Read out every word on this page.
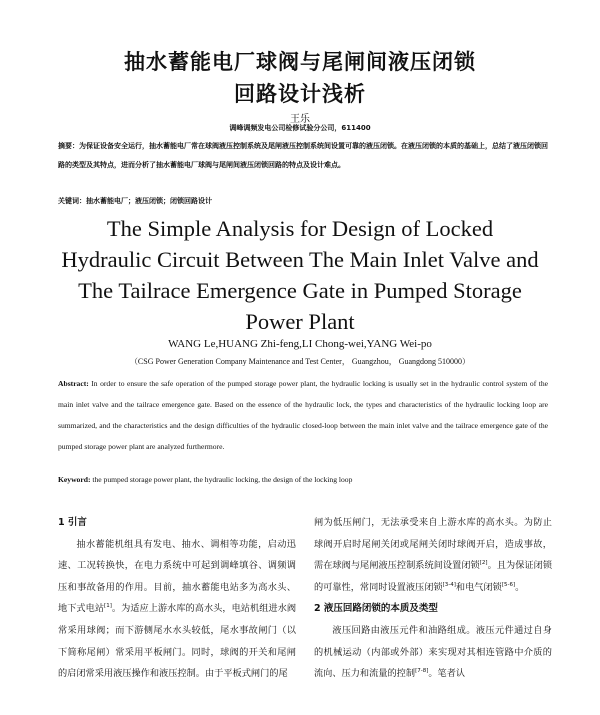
抽水蓄能电厂球阀与尾闸间液压闭锁
回路设计浅析
王乐
调峰调频发电公司检修试验分公司，611400
摘要：为保证设备安全运行，抽水蓄能电厂常在球阀液压控制系统及尾闸液压控制系统间设置可靠的液压闭锁。在液压闭锁的本质的基础上，总结了液压闭锁回路的类型及其特点，进而分析了抽水蓄能电厂球阀与尾闸间液压闭锁回路的特点及设计难点。
关键词：抽水蓄能电厂；液压闭锁；闭锁回路设计
The Simple Analysis for Design of Locked
Hydraulic Circuit Between The Main Inlet Valve and
The Tailrace Emergence Gate in Pumped Storage
Power Plant
WANG Le,HUANG Zhi-feng,LI Chong-wei,YANG Wei-po
（CSG Power Generation Company Maintenance and Test Center， Guangzhou， Guangdong 510000）
Abstract: In order to ensure the safe operation of the pumped storage power plant, the hydraulic locking is usually set in the hydraulic control system of the main inlet valve and the tailrace emergence gate. Based on the essence of the hydraulic lock, the types and characteristics of the hydraulic locking loop are summarized, and the characteristics and the design difficulties of the hydraulic closed-loop between the main inlet valve and the tailrace emergence gate of the pumped storage power plant are analyzed furthermore.
Keyword: the pumped storage power plant, the hydraulic locking, the design of the locking loop

1 引言

抽水蓄能机组具有发电、抽水、调相等功能，启动迅速、工况转换快，在电力系统中可起到调峰填谷、调频调压和事故备用的作用。目前，抽水蓄能电站多为高水头、地下式电站[1]。为适应上游水库的高水头，电站机组进水阀常采用球阀；而下游侧尾水水头较低，尾水事故闸门（以下简称尾闸）常采用平板闸门。同时，球阀的开关和尾闸的启闭常采用液压操作和液压控制。由于平板式闸门的尾

闸为低压闸门，无法承受来自上游水库的高水头。为防止球阀开启时尾闸关闭或尾闸关闭时球阀开启，造成事故，需在球阀与尾闸液压控制系统间设置闭锁[2]。且为保证闭锁的可靠性，常同时设置液压闭锁[3-4]和电气闭锁[5-6]。

2 液压回路闭锁的本质及类型

液压回路由液压元件和油路组成。液压元件通过自身的机械运动（内部或外部）来实现对其相连管路中介质的流向、压力和流量的控制[7-8]。笔者认
